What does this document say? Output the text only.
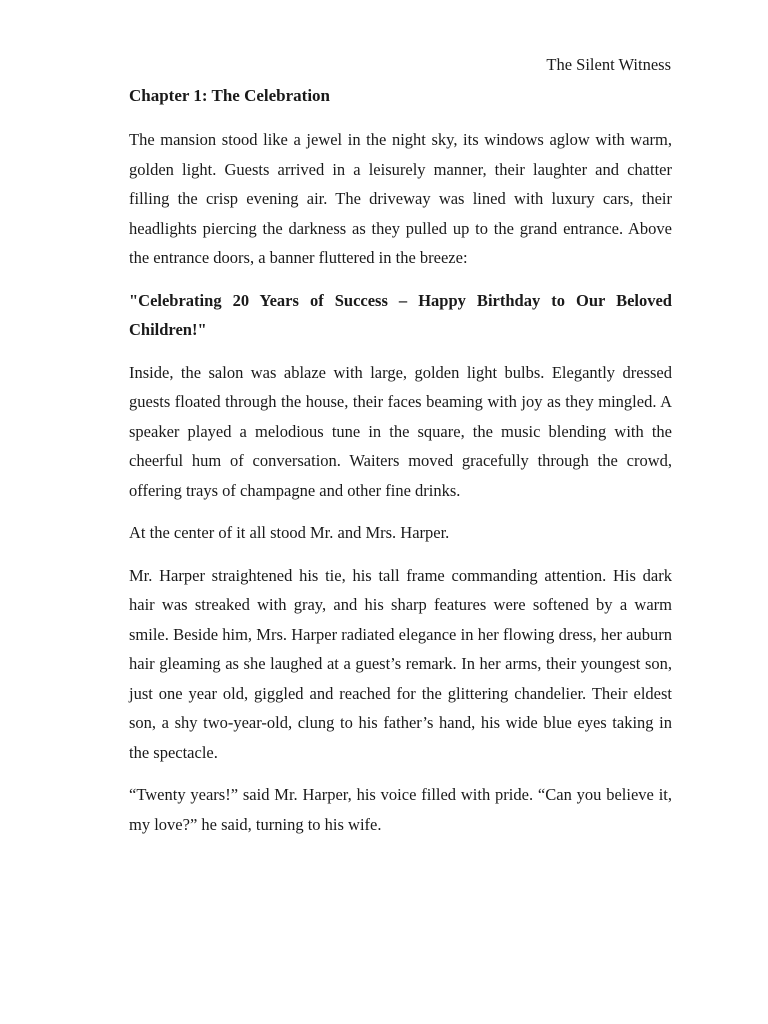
The Silent Witness
Chapter 1: The Celebration

The mansion stood like a jewel in the night sky, its windows aglow with warm, golden light. Guests arrived in a leisurely manner, their laughter and chatter filling the crisp evening air. The driveway was lined with luxury cars, their headlights piercing the darkness as they pulled up to the grand entrance. Above the entrance doors, a banner fluttered in the breeze:

"Celebrating 20 Years of Success – Happy Birthday to Our Beloved Children!"

Inside, the salon was ablaze with large, golden light bulbs. Elegantly dressed guests floated through the house, their faces beaming with joy as they mingled. A speaker played a melodious tune in the square, the music blending with the cheerful hum of conversation. Waiters moved gracefully through the crowd, offering trays of champagne and other fine drinks.

At the center of it all stood Mr. and Mrs. Harper.

Mr. Harper straightened his tie, his tall frame commanding attention. His dark hair was streaked with gray, and his sharp features were softened by a warm smile. Beside him, Mrs. Harper radiated elegance in her flowing dress, her auburn hair gleaming as she laughed at a guest’s remark. In her arms, their youngest son, just one year old, giggled and reached for the glittering chandelier. Their eldest son, a shy two-year-old, clung to his father’s hand, his wide blue eyes taking in the spectacle.

“Twenty years!” said Mr. Harper, his voice filled with pride. “Can you believe it, my love?” he said, turning to his wife.
